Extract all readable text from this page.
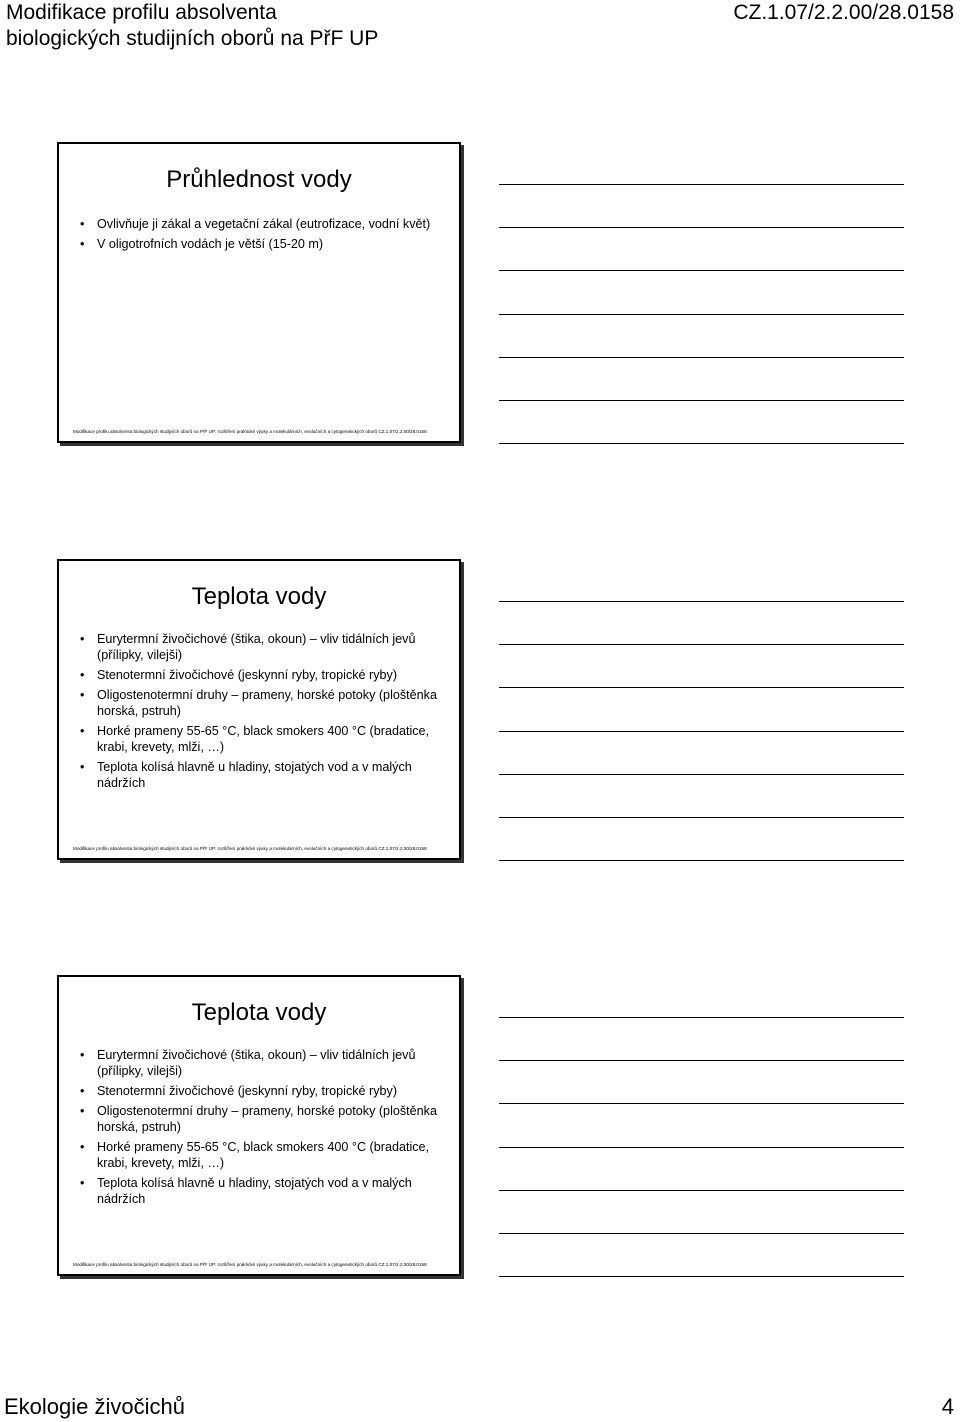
Modifikace profilu absolventa
biologických studijních oborů na PřF UP
CZ.1.07/2.2.00/28.0158
Průhlednost vody
• Ovlivňuje ji zákal a vegetační zákal (eutrofizace, vodní květ)
• V oligotrofních vodách je větší (15-20 m)
Modifikace profilu absolventa biologických studijních oborů na PřF UP: rozšíření praktické výuky a molekulárních, evolučních a cytogenetických oborů CZ.1.07/2.2.00/28.0158
Teplota vody
• Eurytermní živočichové (štika, okoun) – vliv tidálních jevů (přílipky, vilejši)
• Stenotermní živočichové (jeskynní ryby, tropické ryby)
• Oligostenotermní druhy – prameny, horské potoky (ploštěnka horská, pstruh)
• Horké prameny 55-65 °C, black smokers 400 °C (bradatice, krabi, krevety, mlži, …)
• Teplota kolísá hlavně u hladiny, stojatých vod a v malých nádržích
Modifikace profilu absolventa biologických studijních oborů na PřF UP: rozšíření praktické výuky a molekulárních, evolučních a cytogenetických oborů CZ.1.07/2.2.00/28.0158
Teplota vody
• Eurytermní živočichové (štika, okoun) – vliv tidálních jevů (přílipky, vilejši)
• Stenotermní živočichové (jeskynní ryby, tropické ryby)
• Oligostenotermní druhy – prameny, horské potoky (ploštěnka horská, pstruh)
• Horké prameny 55-65 °C, black smokers 400 °C (bradatice, krabi, krevety, mlži, …)
• Teplota kolísá hlavně u hladiny, stojatých vod a v malých nádržích
Modifikace profilu absolventa biologických studijních oborů na PřF UP: rozšíření praktické výuky a molekulárních, evolučních a cytogenetických oborů CZ.1.07/2.2.00/28.0158
Ekologie živočichů	4
